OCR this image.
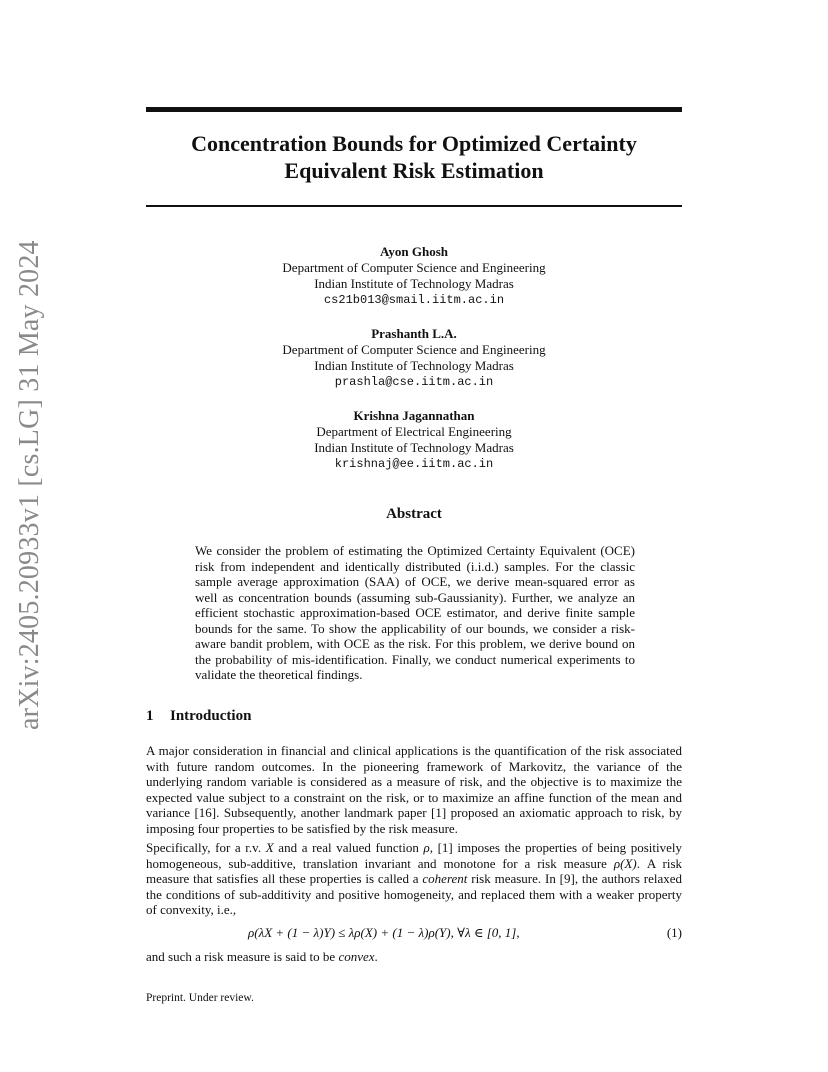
arXiv:2405.20933v1 [cs.LG] 31 May 2024
Concentration Bounds for Optimized Certainty
Equivalent Risk Estimation
Ayon Ghosh
Department of Computer Science and Engineering
Indian Institute of Technology Madras
cs21b013@smail.iitm.ac.in
Prashanth L.A.
Department of Computer Science and Engineering
Indian Institute of Technology Madras
prashla@cse.iitm.ac.in
Krishna Jagannathan
Department of Electrical Engineering
Indian Institute of Technology Madras
krishnaj@ee.iitm.ac.in
Abstract
We consider the problem of estimating the Optimized Certainty Equivalent (OCE) risk from independent and identically distributed (i.i.d.) samples. For the classic sample average approximation (SAA) of OCE, we derive mean-squared error as well as concentration bounds (assuming sub-Gaussianity). Further, we analyze an efficient stochastic approximation-based OCE estimator, and derive finite sample bounds for the same. To show the applicability of our bounds, we consider a risk-aware bandit problem, with OCE as the risk. For this problem, we derive bound on the probability of mis-identification. Finally, we conduct numerical experiments to validate the theoretical findings.
1 Introduction
A major consideration in financial and clinical applications is the quantification of the risk associated with future random outcomes. In the pioneering framework of Markovitz, the variance of the underlying random variable is considered as a measure of risk, and the objective is to maximize the expected value subject to a constraint on the risk, or to maximize an affine function of the mean and variance [16]. Subsequently, another landmark paper [1] proposed an axiomatic approach to risk, by imposing four properties to be satisfied by the risk measure.
Specifically, for a r.v. X and a real valued function ρ, [1] imposes the properties of being positively homogeneous, sub-additive, translation invariant and monotone for a risk measure ρ(X). A risk measure that satisfies all these properties is called a coherent risk measure. In [9], the authors relaxed the conditions of sub-additivity and positive homogeneity, and replaced them with a weaker property of convexity, i.e.,
ρ(λX + (1 − λ)Y) ≤ λρ(X) + (1 − λ)ρ(Y), ∀λ ∈ [0, 1],	(1)
and such a risk measure is said to be convex.
Preprint. Under review.
